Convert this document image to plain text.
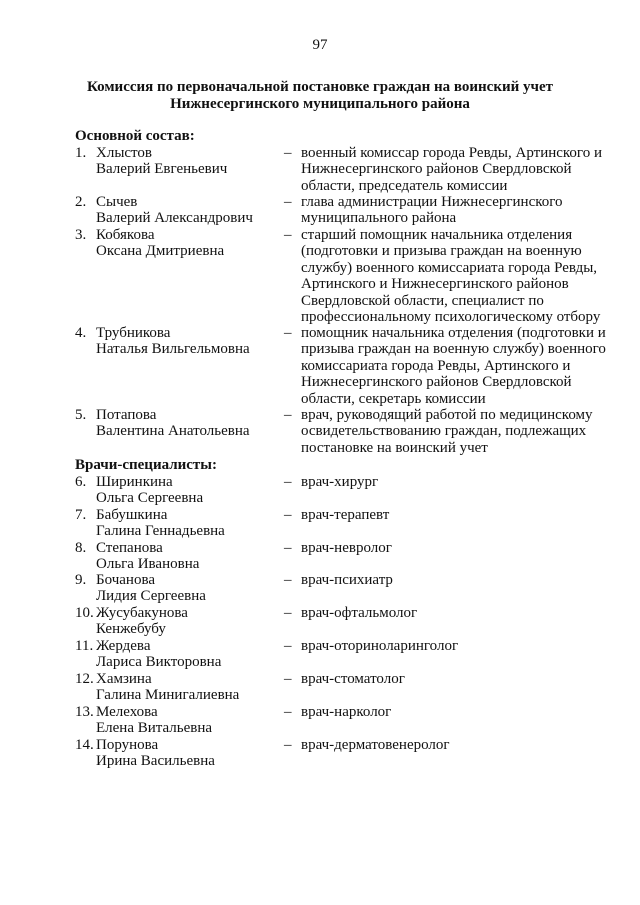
97
Комиссия по первоначальной постановке граждан на воинский учет
Нижнесергинского муниципального района
Основной состав:
1. Хлыстов
Валерий Евгеньевич
– военный комиссар города Ревды, Артинского и Нижнесергинского районов Свердловской области, председатель комиссии
2. Сычев
Валерий Александрович
– глава администрации Нижнесергинского муниципального района
3. Кобякова
Оксана Дмитриевна
– старший помощник начальника отделения (подготовки и призыва граждан на военную службу) военного комиссариата города Ревды, Артинского и Нижнесергинского районов Свердловской области, специалист по профессиональному психологическому отбору
4. Трубникова
Наталья Вильгельмовна
– помощник начальника отделения (подготовки и призыва граждан на военную службу) военного комиссариата города Ревды, Артинского и Нижнесергинского районов Свердловской области, секретарь комиссии
5. Потапова
Валентина Анатольевна
– врач, руководящий работой по медицинскому освидетельствованию граждан, подлежащих постановке на воинский учет
Врачи-специалисты:
6. Ширинкина
Ольга Сергеевна
– врач-хирург
7. Бабушкина
Галина Геннадьевна
– врач-терапевт
8. Степанова
Ольга Ивановна
– врач-невролог
9. Бочанова
Лидия Сергеевна
– врач-психиатр
10. Жусубакунова
Кенжебубу
– врач-офтальмолог
11. Жердева
Лариса Викторовна
– врач-оториноларинголог
12. Хамзина
Галина Минигалиевна
– врач-стоматолог
13. Мелехова
Елена Витальевна
– врач-нарколог
14. Порунова
Ирина Васильевна
– врач-дерматовенеролог
